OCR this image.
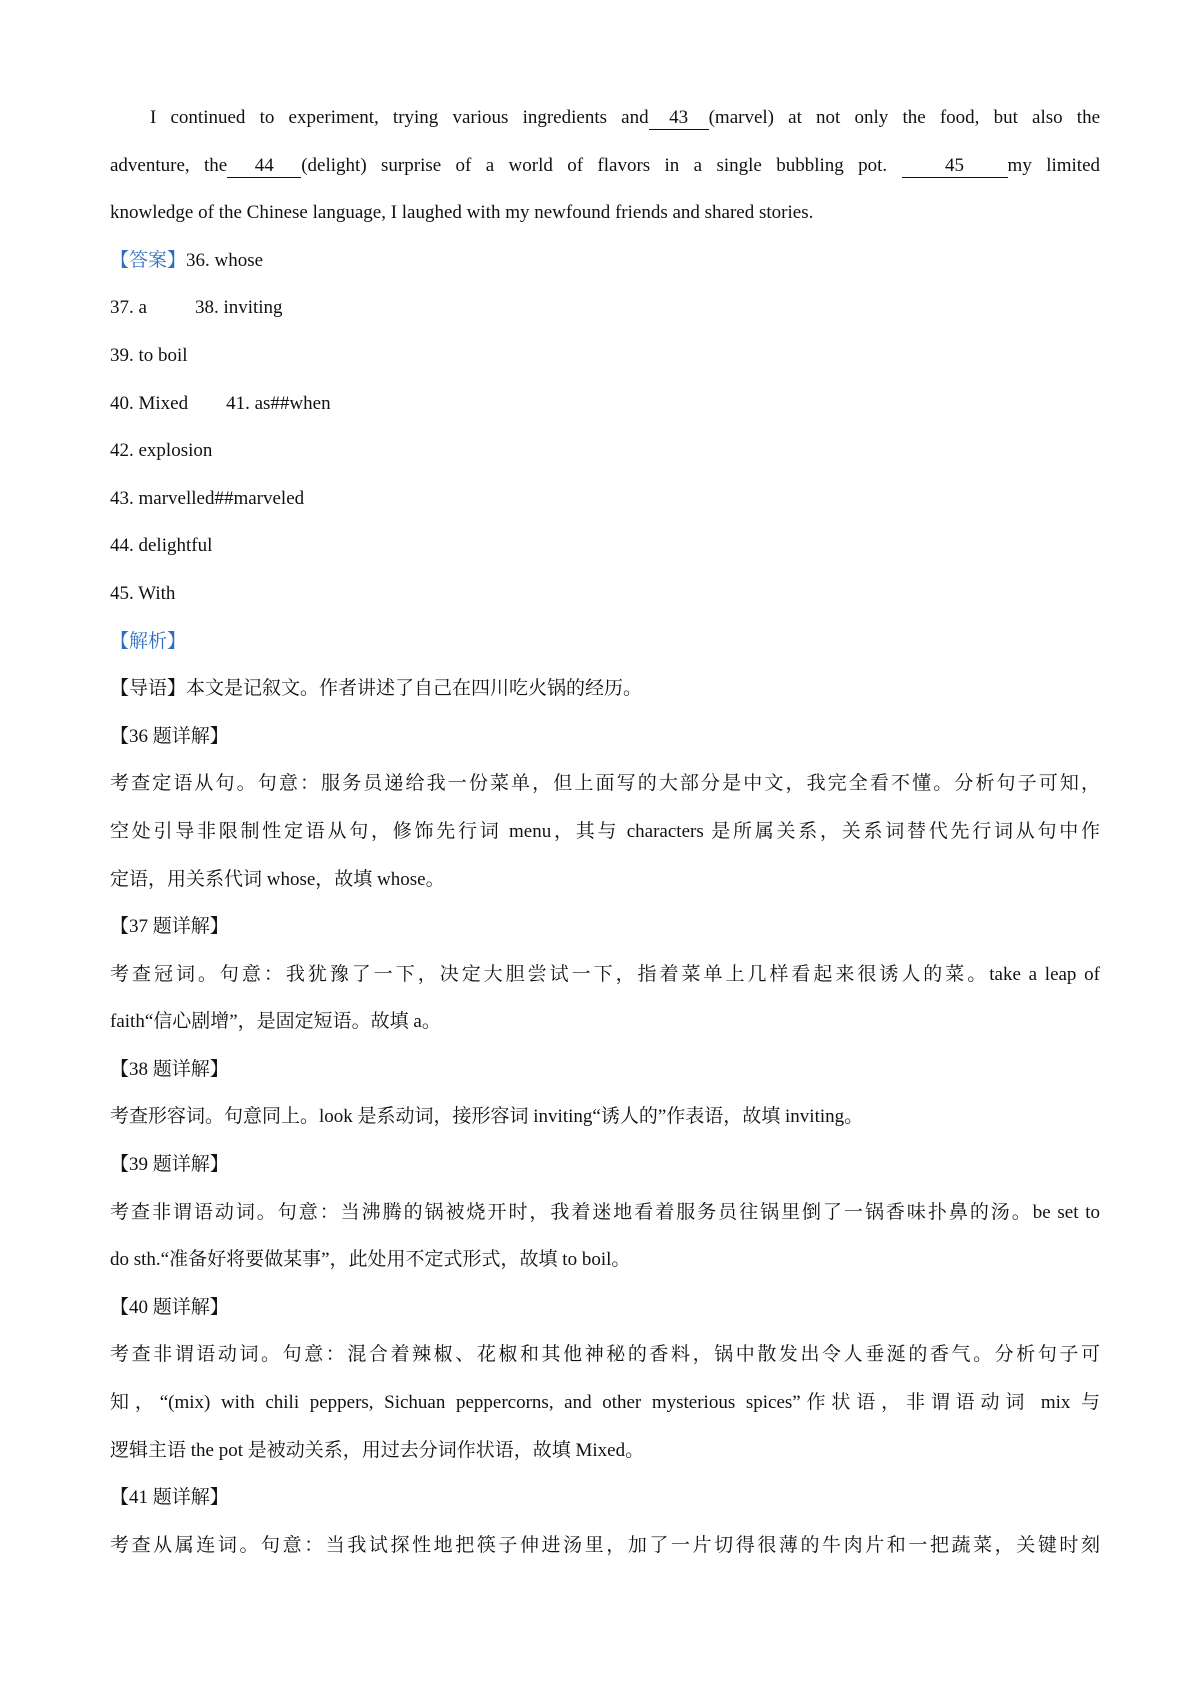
I continued to experiment, trying various ingredients and 43 (marvel) at not only the food, but also the
adventure, the 44 (delight) surprise of a world of flavors in a single bubbling pot.	45 my limited
knowledge of the Chinese language, I laughed with my newfound friends and shared stories.
【答案】36. whose
37. a	38. inviting
39. to boil
40. Mixed 41. as##when
42. explosion
43. marvelled##marveled
44. delightful
45. With
【解析】
【导语】本文是记叙文。作者讲述了自己在四川吃火锅的经历。
【36 题详解】
考查定语从句。句意：服务员递给我一份菜单，但上面写的大部分是中文，我完全看不懂。分析句子可知，
空处引导非限制性定语从句，修饰先行词 menu，其与 characters 是所属关系，关系词替代先行词从句中作
定语，用关系代词 whose，故填 whose。
【37 题详解】
考查冠词。句意：我犹豫了一下，决定大胆尝试一下，指着菜单上几样看起来很诱人的菜。take a leap of
faith“信心剧增”，是固定短语。故填 a。
【38 题详解】
考查形容词。句意同上。look 是系动词，接形容词 inviting“诱人的”作表语，故填 inviting。
【39 题详解】
考查非谓语动词。句意：当沸腾的锅被烧开时，我着迷地看着服务员往锅里倒了一锅香味扑鼻的汤。be set to
do sth.“准备好将要做某事”，此处用不定式形式，故填 to boil。
【40 题详解】
考查非谓语动词。句意：混合着辣椒、花椒和其他神秘的香料，锅中散发出令人垂涎的香气。分析句子可
知，“(mix) with chili peppers, Sichuan peppercorns, and other mysterious spices”作状语，非谓语动词 mix 与
逻辑主语 the pot 是被动关系，用过去分词作状语，故填 Mixed。
【41 题详解】
考查从属连词。句意：当我试探性地把筷子伸进汤里，加了一片切得很薄的牛肉片和一把蔬菜，关键时刻
